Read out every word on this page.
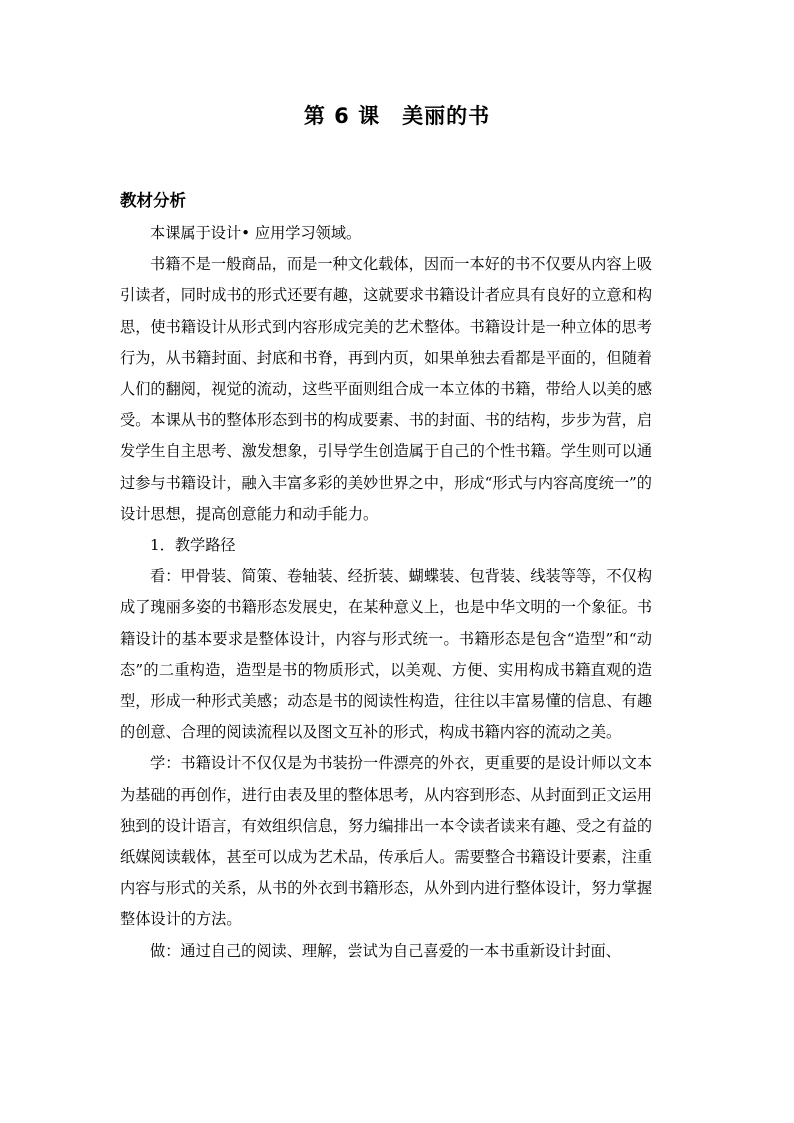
第 6 课 美丽的书
教材分析

本课属于设计• 应用学习领域。

书籍不是一般商品，而是一种文化载体，因而一本好的书不仅要从内容上吸引读者，同时成书的形式还要有趣，这就要求书籍设计者应具有良好的立意和构思，使书籍设计从形式到内容形成完美的艺术整体。书籍设计是一种立体的思考行为，从书籍封面、封底和书脊，再到内页，如果单独去看都是平面的，但随着人们的翻阅，视觉的流动，这些平面则组合成一本立体的书籍，带给人以美的感受。本课从书的整体形态到书的构成要素、书的封面、书的结构，步步为营，启发学生自主思考、激发想象，引导学生创造属于自己的个性书籍。学生则可以通过参与书籍设计，融入丰富多彩的美妙世界之中，形成“形式与内容高度统一”的设计思想，提高创意能力和动手能力。

1．教学路径

看：甲骨装、简策、卷轴装、经折装、蝴蝶装、包背装、线装等等，不仅构成了瑰丽多姿的书籍形态发展史，在某种意义上，也是中华文明的一个象征。书籍设计的基本要求是整体设计，内容与形式统一。书籍形态是包含“造型”和“动态”的二重构造，造型是书的物质形式，以美观、方便、实用构成书籍直观的造型，形成一种形式美感；动态是书的阅读性构造，往往以丰富易懂的信息、有趣的创意、合理的阅读流程以及图文互补的形式，构成书籍内容的流动之美。

学：书籍设计不仅仅是为书装扮一件漂亮的外衣，更重要的是设计师以文本为基础的再创作，进行由表及里的整体思考，从内容到形态、从封面到正文运用独到的设计语言，有效组织信息，努力编排出一本令读者读来有趣、受之有益的纸媒阅读载体，甚至可以成为艺术品，传承后人。需要整合书籍设计要素，注重内容与形式的关系，从书的外衣到书籍形态，从外到内进行整体设计，努力掌握整体设计的方法。

做：通过自己的阅读、理解，尝试为自己喜爱的一本书重新设计封面、
